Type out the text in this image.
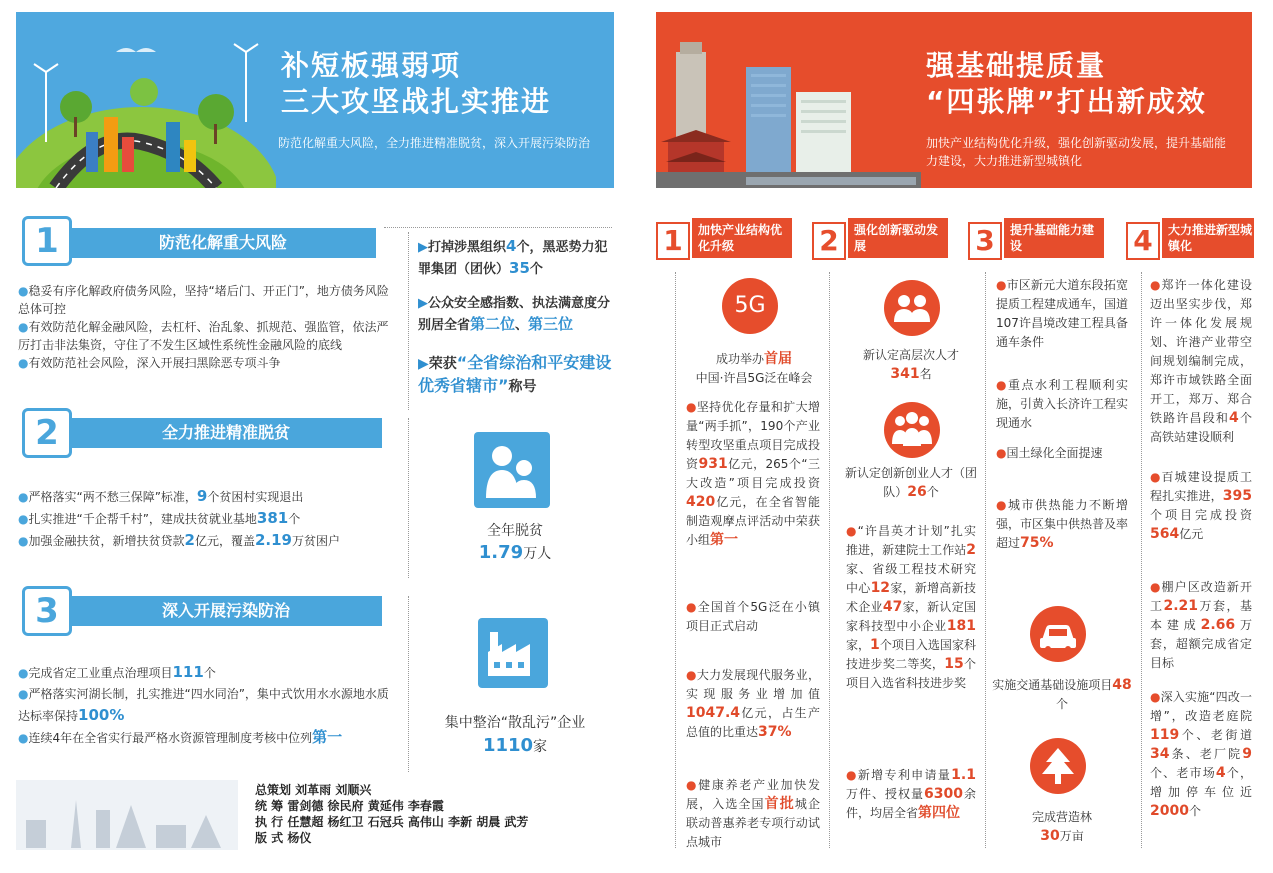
补短板强弱项
三大攻坚战扎实推进
防范化解重大风险，全力推进精准脱贫，深入开展污染防治
强基础提质量
“四张牌”打出新成效
加快产业结构优化升级，强化创新驱动发展，提升基础能力建设，大力推进新型城镇化
防范化解重大风险
1
●稳妥有序化解政府债务风险，坚持“堵后门、开正门”，地方债务风险总体可控
●有效防范化解金融风险，去杠杆、治乱象、抓规范、强监管，依法严厉打击非法集资，守住了不发生区域性系统性金融风险的底线
●有效防范社会风险，深入开展扫黑除恶专项斗争
▶打掉涉黑组织4个，黑恶势力犯罪集团（团伙）35个
▶公众安全感指数、执法满意度分别居全省第二位、第三位
▶荣获“全省综治和平安建设优秀省辖市”称号
全力推进精准脱贫
2
●严格落实“两不愁三保障”标准，9个贫困村实现退出
●扎实推进“千企帮千村”，建成扶贫就业基地381个
●加强金融扶贫，新增扶贫贷款2亿元，覆盖2.19万贫困户
全年脱贫
1.79万人
深入开展污染防治
3
●完成省定工业重点治理项目111个
●严格落实河湖长制，扎实推进“四水同治”，集中式饮用水水源地水质达标率保持100%
●连续4年在全省实行最严格水资源管理制度考核中位列第一
集中整治“散乱污”企业
1110家
总策划 刘革雨 刘顺兴
统 筹 雷剑德 徐民府 黄延伟 李春霞
执 行 任慧超 杨红卫 石冠兵 高伟山 李新 胡晨 武芳
版 式 杨仪
1	加快产业结构优化升级
5G
成功举办首届
中国·许昌5G泛在峰会
●坚持优化存量和扩大增量“两手抓”，190个产业转型攻坚重点项目完成投资931亿元，265个“三大改造”项目完成投资420亿元，在全省智能制造观摩点评活动中荣获小组第一
●全国首个5G泛在小镇项目正式启动
●大力发展现代服务业，实现服务业增加值1047.4亿元，占生产总值的比重达37%
●健康养老产业加快发展，入选全国首批城企联动普惠养老专项行动试点城市
2	强化创新驱动发展
新认定高层次人才
341名
新认定创新创业人才（团队）26个
●“许昌英才计划”扎实推进，新建院士工作站2家、省级工程技术研究中心12家，新增高新技术企业47家，新认定国家科技型中小企业181家，1个项目入选国家科技进步奖二等奖，15个项目入选省科技进步奖
●新增专利申请量1.1万件、授权量6300余件，均居全省第四位
3	提升基础能力建设
●市区新元大道东段拓宽提质工程建成通车，国道107许昌境改建工程具备通车条件
●重点水利工程顺利实施，引黄入长济许工程实现通水
●国土绿化全面提速
●城市供热能力不断增强，市区集中供热普及率超过75%
实施交通基础设施项目48个
完成营造林
30万亩
4	大力推进新型城镇化
●郑许一体化建设迈出坚实步伐，郑许一体化发展规划、许港产业带空间规划编制完成，郑许市域铁路全面开工，郑万、郑合铁路许昌段和4个高铁站建设顺利
●百城建设提质工程扎实推进，395个项目完成投资564亿元
●棚户区改造新开工2.21万套，基本建成2.66万套，超额完成省定目标
●深入实施“四改一增”，改造老庭院119个、老街道34条、老厂院9个、老市场4个，增加停车位近2000个
